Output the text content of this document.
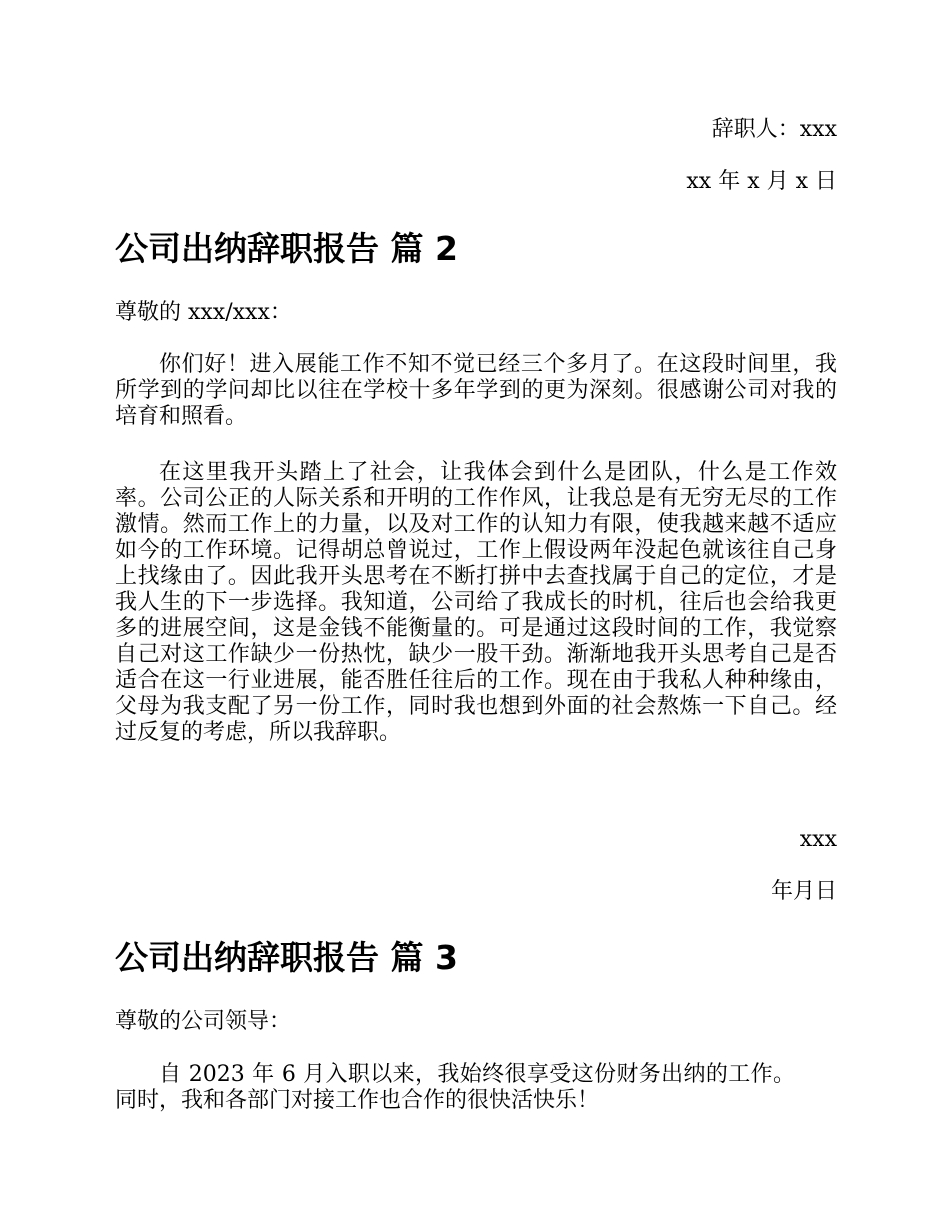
辞职人：xxx

xx 年 x 月 x 日

公司出纳辞职报告 篇 2

尊敬的 xxx/xxx：

你们好！进入展能工作不知不觉已经三个多月了。在这段时间里，我所学到的学问却比以往在学校十多年学到的更为深刻。很感谢公司对我的培育和照看。

在这里我开头踏上了社会，让我体会到什么是团队，什么是工作效率。公司公正的人际关系和开明的工作作风，让我总是有无穷无尽的工作激情。然而工作上的力量，以及对工作的认知力有限，使我越来越不适应如今的工作环境。记得胡总曾说过，工作上假设两年没起色就该往自己身上找缘由了。因此我开头思考在不断打拼中去查找属于自己的定位，才是我人生的下一步选择。我知道，公司给了我成长的时机，往后也会给我更多的进展空间，这是金钱不能衡量的。可是通过这段时间的工作，我觉察自己对这工作缺少一份热忱，缺少一股干劲。渐渐地我开头思考自己是否适合在这一行业进展，能否胜任往后的工作。现在由于我私人种种缘由，父母为我支配了另一份工作，同时我也想到外面的社会熬炼一下自己。经过反复的考虑，所以我辞职。

xxx

年月日

公司出纳辞职报告 篇 3

尊敬的公司领导：

自 2023 年 6 月入职以来，我始终很享受这份财务出纳的工作。同时，我和各部门对接工作也合作的很快活快乐！
